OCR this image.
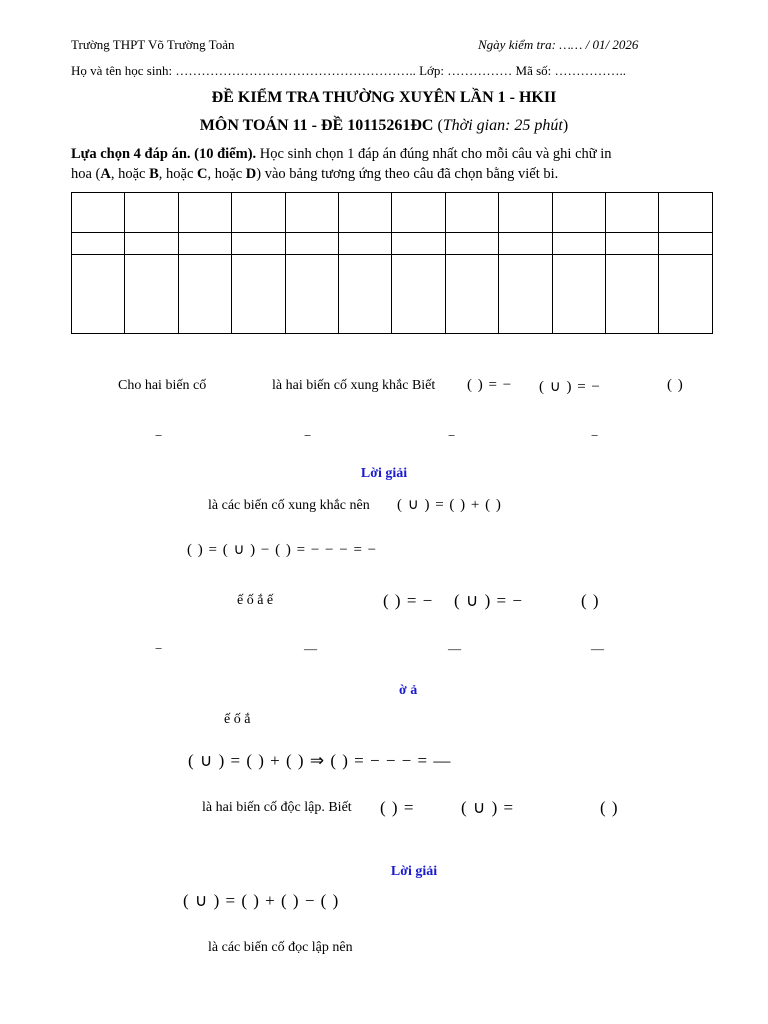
Trường THPT Võ Trường Toản	Ngày kiểm tra: …… / 01/ 2026
Họ và tên học sinh: ……………………………………………….. Lớp: …………… Mã số: ……………..
ĐỀ KIỂM TRA THƯỜNG XUYÊN LẦN 1 - HKII
MÔN TOÁN 11 - ĐỀ 10115261ĐC (Thời gian: 25 phút)
Lựa chọn 4 đáp án. (10 điểm). Học sinh chọn 1 đáp án đúng nhất cho mỗi câu và ghi chữ in
hoa (A, hoặc B, hoặc C, hoặc D) vào bảng tương ứng theo câu đã chọn bằng viết bi.

Cho hai biến cố	là hai biến cố xung khắc Biết ( ) = − ( ∪ ) = −	( )
−	−	−	−
Lời giải
là các biến cố xung khắc nên ( ∪ ) = ( ) + ( )
( ) = ( ∪ ) − ( ) = − − − = −
ế ố ắ ế	( ) = − ( ∪ ) = −	( )
−	—	—	—
ờ ả
ế ố ắ
( ∪ ) = ( ) + ( ) ⇒ ( ) = − − − = —
là hai biến cố độc lập. Biết ( ) =	( ∪ ) =	( )
Lời giải
( ∪ ) = ( ) + ( ) − ( )
là các biến cố đọc lập nên
